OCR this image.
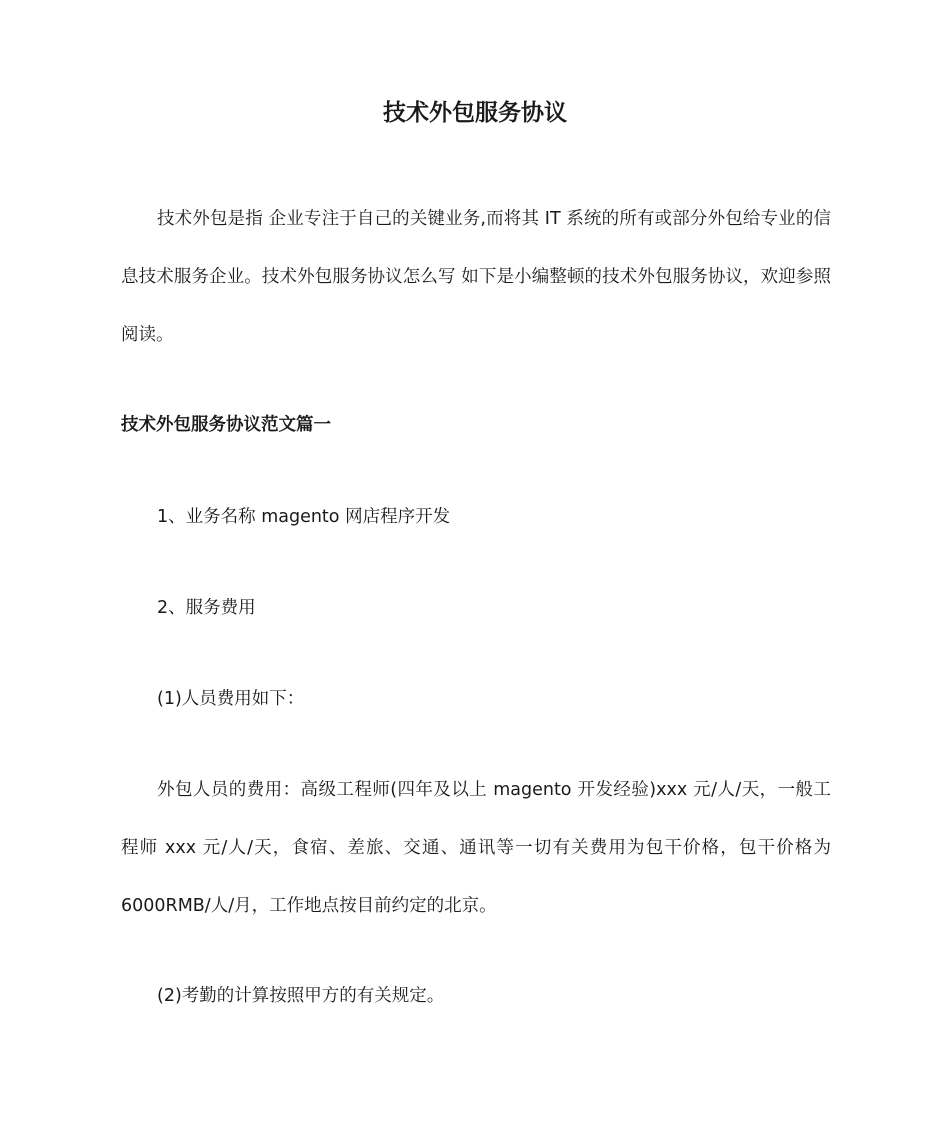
技术外包服务协议

技术外包是指 企业专注于自己的关键业务,而将其 IT 系统的所有或部分外包给专业的信息技术服务企业。技术外包服务协议怎么写 如下是小编整顿的技术外包服务协议，欢迎参照阅读。

技术外包服务协议范文篇一

1、业务名称 magento 网店程序开发

2、服务费用

(1)人员费用如下：

外包人员的费用：高级工程师(四年及以上 magento 开发经验)xxx 元/人/天，一般工程师 xxx 元/人/天，食宿、差旅、交通、通讯等一切有关费用为包干价格，包干价格为 6000RMB/人/月，工作地点按目前约定的北京。

(2)考勤的计算按照甲方的有关规定。
